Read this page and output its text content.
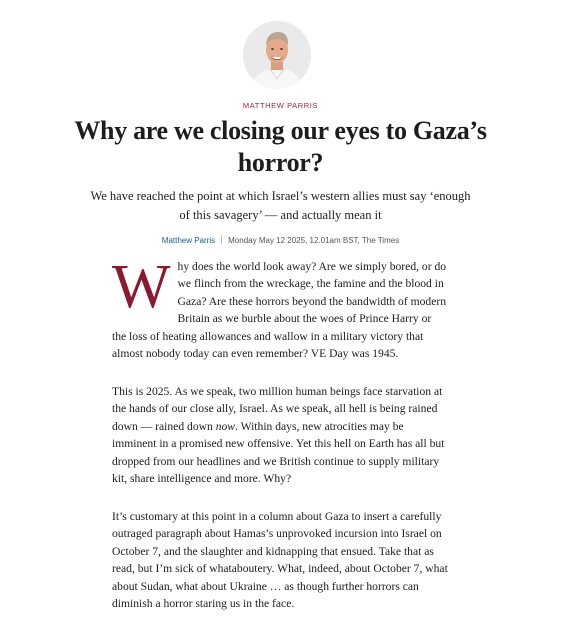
MATTHEW PARRIS
Why are we closing our eyes to Gaza’s horror?

We have reached the point at which Israel’s western allies must say ‘enough of this savagery’ — and actually mean it

Matthew Parris Monday May 12 2025, 12.01am BST, The Times

Why does the world look away? Are we simply bored, or do we flinch from the wreckage, the famine and the blood in Gaza? Are these horrors beyond the bandwidth of modern Britain as we burble about the woes of Prince Harry or the loss of heating allowances and wallow in a military victory that almost nobody today can even remember? VE Day was 1945.

This is 2025. As we speak, two million human beings face starvation at the hands of our close ally, Israel. As we speak, all hell is being rained down — rained down now. Within days, new atrocities may be imminent in a promised new offensive. Yet this hell on Earth has all but dropped from our headlines and we British continue to supply military kit, share intelligence and more. Why?

It’s customary at this point in a column about Gaza to insert a carefully outraged paragraph about Hamas’s unprovoked incursion into Israel on October 7, and the slaughter and kidnapping that ensued. Take that as read, but I’m sick of whataboutery. What, indeed, about October 7, what about Sudan, what about Ukraine … as though further horrors can diminish a horror staring us in the face.
